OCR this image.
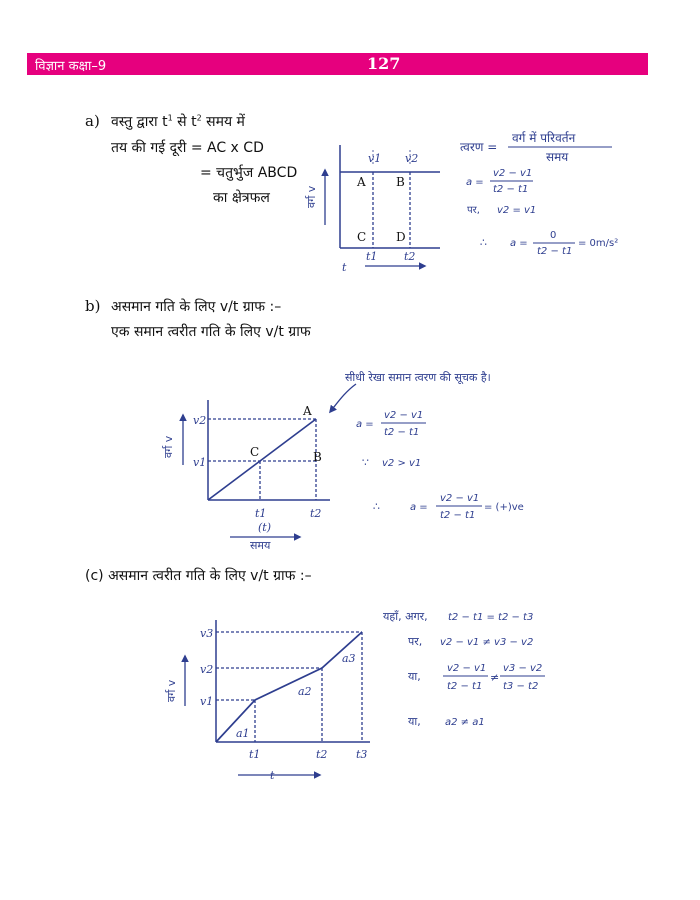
विज्ञान कक्षा–9	127
a) वस्तु द्वारा $t^1$ से $t^2$ समय में
तय की गई दूरी = AC x CD
= चतुर्भुज ABCD
का क्षेत्रफल
b) असमान गति के लिए v/t ग्राफ :–
एक समान त्वरीत गति के लिए v/t ग्राफ
(c) असमान त्वरीत गति के लिए v/t ग्राफ :–
v1 v2
t1 t2
t
A	B
C D
वर्ग v
त्वरण =
वर्ग में परिवर्तन
समय
a =
v2 − v1
t2 − t1
पर, v2 = v1
∴ a =
0
t2 − t1
= 0m/s²
v2
v1
t1	t2
(t)
समय
A
C	B
वर्ग v
सीधी रेखा समान त्वरण की सूचक है।
a =
v2 − v1
t2 − t1
∵ v2 > v1
∴	a =
v2 − v1
t2 − t1
= (+)ve
v3
v2
v1
a1
a2
a3
t1	t2	t3
t
वर्ग v
यहाँ, अगर, t2 − t1 = t2 − t3
पर, v2 − v1 ≠ v3 − v2
या,
v2 − v1
t2 − t1
≠
v3 − v2
t3 − t2
या, a2 ≠ a1
